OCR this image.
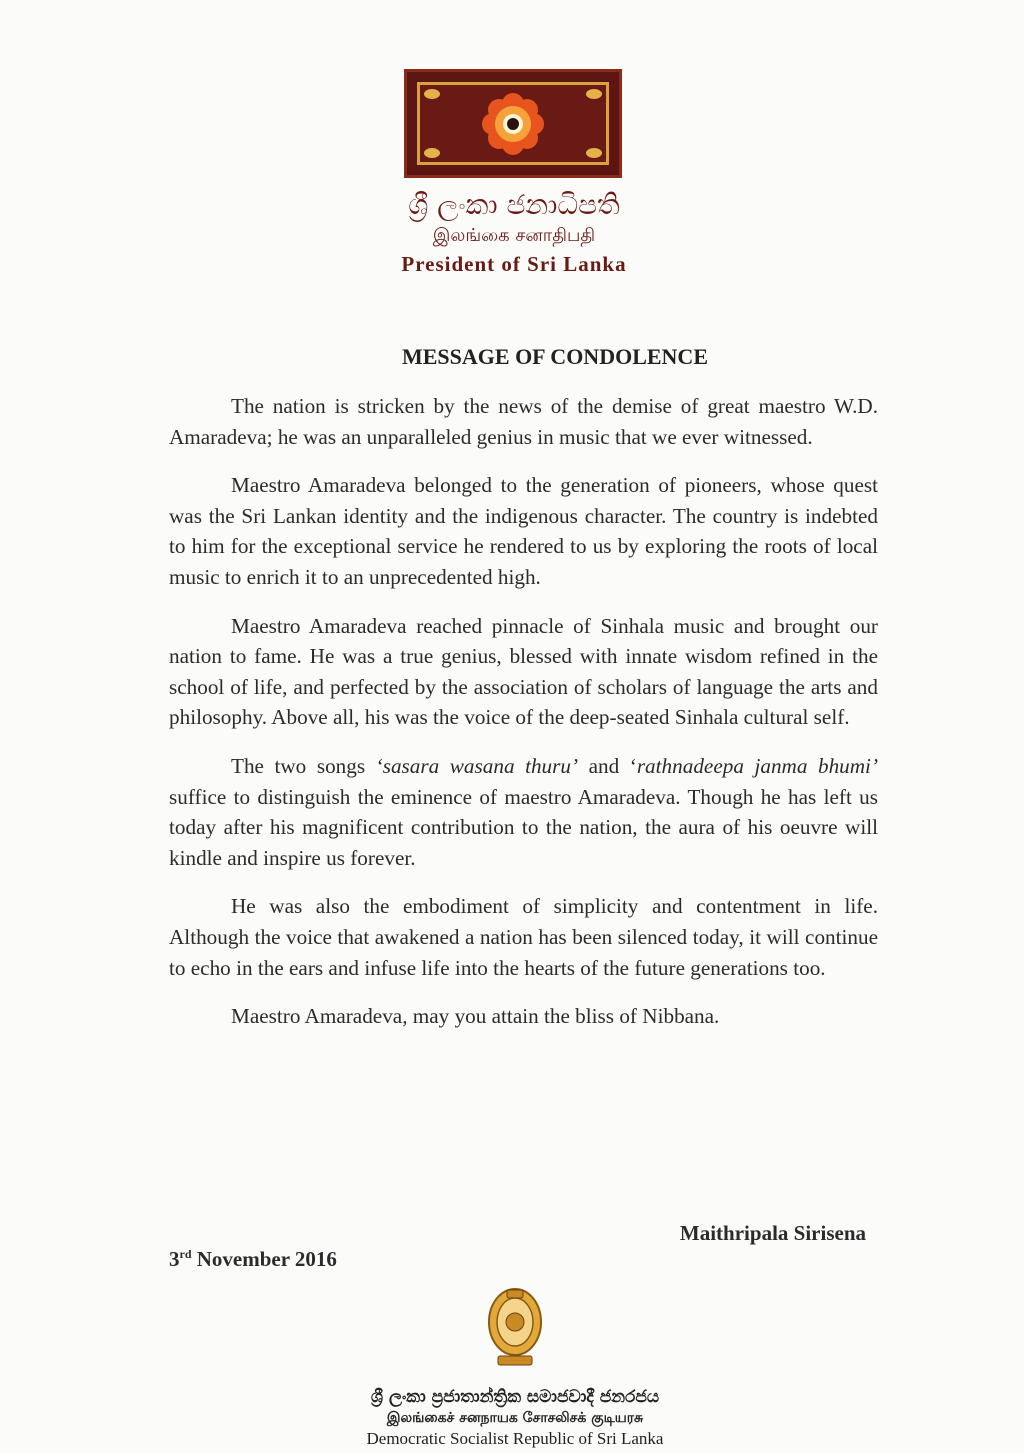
ශ්‍රී ලංකා ජනාධිපති
இலங்கை சனாதிபதி
President of Sri Lanka
MESSAGE OF CONDOLENCE

The nation is stricken by the news of the demise of great maestro W.D. Amaradeva; he was an unparalleled genius in music that we ever witnessed.

Maestro Amaradeva belonged to the generation of pioneers, whose quest was the Sri Lankan identity and the indigenous character. The country is indebted to him for the exceptional service he rendered to us by exploring the roots of local music to enrich it to an unprecedented high.

Maestro Amaradeva reached pinnacle of Sinhala music and brought our nation to fame. He was a true genius, blessed with innate wisdom refined in the school of life, and perfected by the association of scholars of language the arts and philosophy. Above all, his was the voice of the deep-seated Sinhala cultural self.

The two songs ‘sasara wasana thuru’ and ‘rathnadeepa janma bhumi’ suffice to distinguish the eminence of maestro Amaradeva. Though he has left us today after his magnificent contribution to the nation, the aura of his oeuvre will kindle and inspire us forever.

He was also the embodiment of simplicity and contentment in life. Although the voice that awakened a nation has been silenced today, it will continue to echo in the ears and infuse life into the hearts of the future generations too.

Maestro Amaradeva, may you attain the bliss of Nibbana.

Maithripala Sirisena
3rd November 2016
ශ්‍රී ලංකා ප්‍රජාතාන්ත්‍රික සමාජවාදී ජනරජය
இலங்கைச் சனநாயக சோசலிசக் குடியரசு
Democratic Socialist Republic of Sri Lanka
